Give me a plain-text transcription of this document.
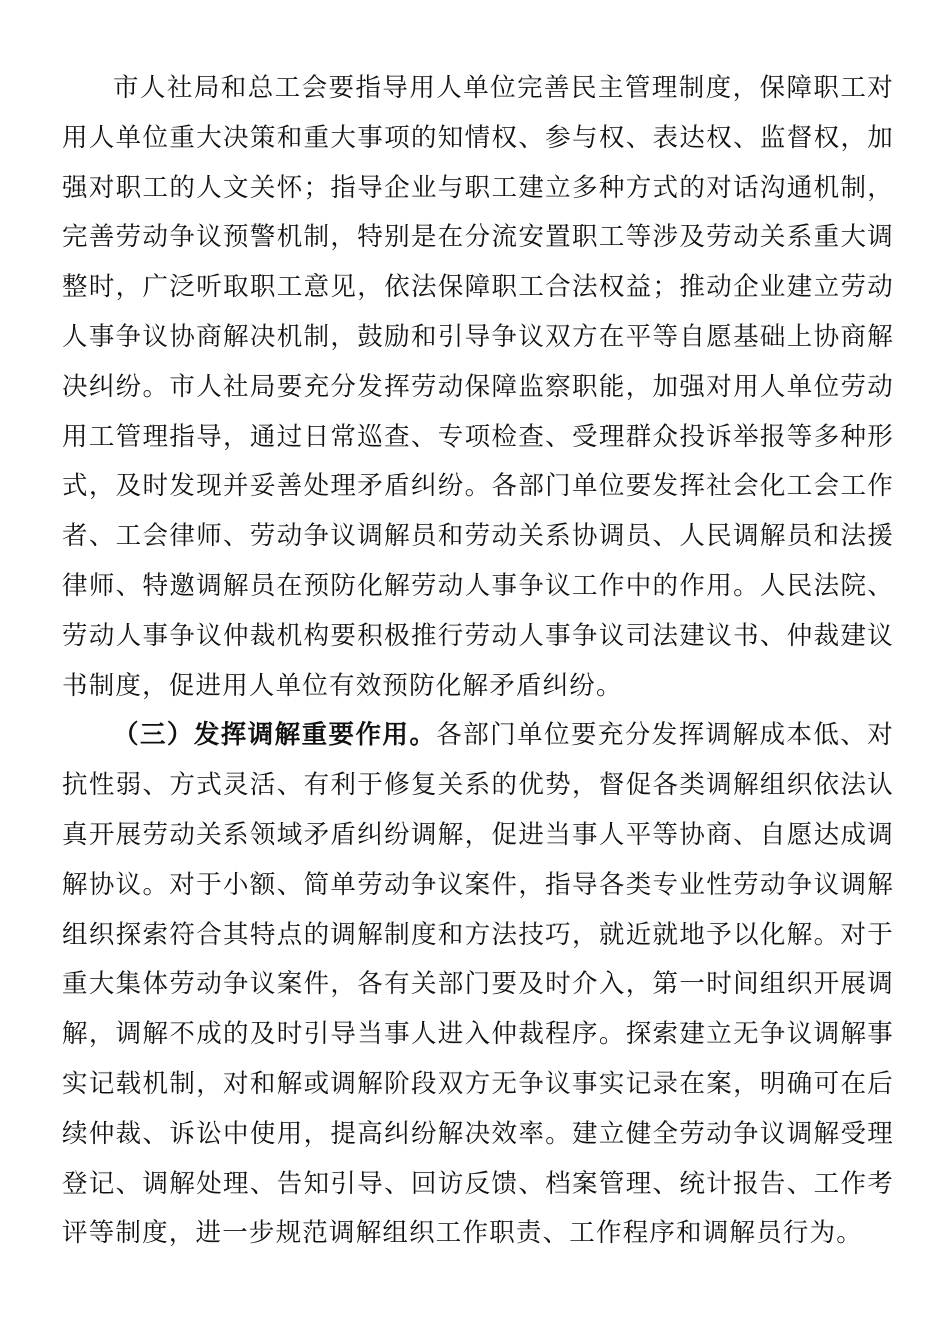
市人社局和总工会要指导用人单位完善民主管理制度，保障职工对用人单位重大决策和重大事项的知情权、参与权、表达权、监督权，加强对职工的人文关怀；指导企业与职工建立多种方式的对话沟通机制，完善劳动争议预警机制，特别是在分流安置职工等涉及劳动关系重大调整时，广泛听取职工意见，依法保障职工合法权益；推动企业建立劳动人事争议协商解决机制，鼓励和引导争议双方在平等自愿基础上协商解决纠纷。市人社局要充分发挥劳动保障监察职能，加强对用人单位劳动用工管理指导，通过日常巡查、专项检查、受理群众投诉举报等多种形式，及时发现并妥善处理矛盾纠纷。各部门单位要发挥社会化工会工作者、工会律师、劳动争议调解员和劳动关系协调员、人民调解员和法援律师、特邀调解员在预防化解劳动人事争议工作中的作用。人民法院、劳动人事争议仲裁机构要积极推行劳动人事争议司法建议书、仲裁建议书制度，促进用人单位有效预防化解矛盾纠纷。

（三）发挥调解重要作用。各部门单位要充分发挥调解成本低、对抗性弱、方式灵活、有利于修复关系的优势，督促各类调解组织依法认真开展劳动关系领域矛盾纠纷调解，促进当事人平等协商、自愿达成调解协议。对于小额、简单劳动争议案件，指导各类专业性劳动争议调解组织探索符合其特点的调解制度和方法技巧，就近就地予以化解。对于重大集体劳动争议案件，各有关部门要及时介入，第一时间组织开展调解，调解不成的及时引导当事人进入仲裁程序。探索建立无争议调解事实记载机制，对和解或调解阶段双方无争议事实记录在案，明确可在后续仲裁、诉讼中使用，提高纠纷解决效率。建立健全劳动争议调解受理登记、调解处理、告知引导、回访反馈、档案管理、统计报告、工作考评等制度，进一步规范调解组织工作职责、工作程序和调解员行为。
